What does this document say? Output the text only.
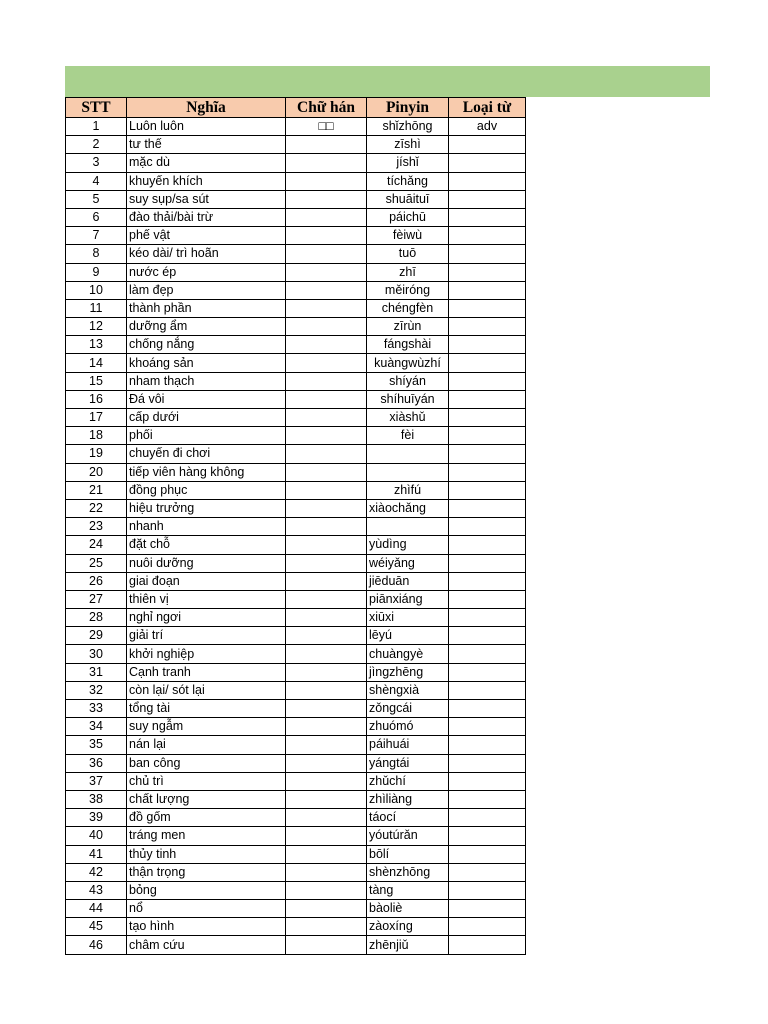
STT	Nghĩa	Chữ hán	Pinyin	Loại từ
1	Luôn luôn	□□	shǐzhōng	adv
2	tư thế		zīshì	
3	mặc dù		jíshǐ	
4	khuyến khích		tíchǎng	
5	suy sụp/sa sút		shuāituī	
6	đào thải/bài trừ		páichū	
7	phế vật		fèiwù	
8	kéo dài/ trì hoãn		tuō	
9	nước ép		zhī	
10	làm đẹp		měiróng	
11	thành phần		chéngfèn	
12	dưỡng ẩm		zīrùn	
13	chống nắng		fángshài	
14	khoáng sản		kuàngwùzhí	
15	nham thạch		shíyán	
16	Đá vôi		shíhuīyán	
17	cấp dưới		xiàshǔ	
18	phối		fèi	
19	chuyến đi chơi			
20	tiếp viên hàng không			
21	đồng phục		zhìfú	
22	hiệu trưởng		xiàochǎng	
23	nhanh			
24	đặt chỗ		yùdìng	
25	nuôi dưỡng		wéiyǎng	
26	giai đoạn		jiēduān	
27	thiên vị		piānxiáng	
28	nghỉ ngơi		xiūxi	
29	giải trí		lēyú	
30	khởi nghiệp		chuàngyè	
31	Cạnh tranh		jìngzhēng	
32	còn lại/ sót lại		shèngxià	
33	tổng tài		zǒngcái	
34	suy ngẫm		zhuómó	
35	nán lại		páihuái	
36	ban công		yángtái	
37	chủ trì		zhǔchí	
38	chất lượng		zhìliàng	
39	đồ gốm		táocí	
40	tráng men		yóutúrǎn	
41	thủy tinh		bōlí	
42	thận trọng		shènzhōng	
43	bỏng		tàng	
44	nổ		bàoliè	
45	tạo hình		zàoxíng	
46	châm cứu		zhēnjiǔ	
